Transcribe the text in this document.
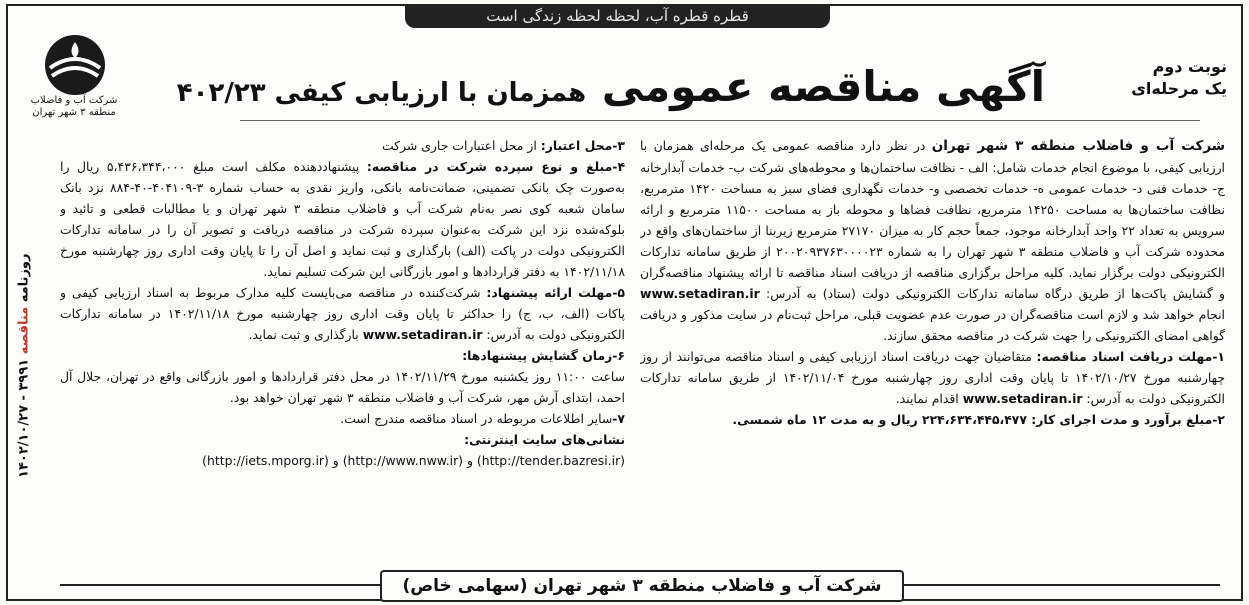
قطره قطره آب، لحظه لحظه زندگی است
شرکت آب و فاضلاب
منطقه ۳ شهر تهران
نوبت دوم
یک مرحله‌ای
آگهی مناقصه عمومی همزمان با ارزیابی کیفی ۴۰۲/۲۳
روزنامه مناقصه ۳۹۹۱ - ۱۴۰۲/۱۰/۲۷

شرکت آب و فاضلاب منطقه ۳ شهر تهران در نظر دارد مناقصه عمومی یک مرحله‌ای همزمان با ارزیابی کیفی، با موضوع انجام خدمات شامل: الف - نظافت ساختمان‌ها و محوطه‌های شرکت ب- خدمات آبدارخانه ج- خدمات فنی د- خدمات عمومی ه- خدمات تخصصی و- خدمات نگهداری فضای سبز به مساحت ۱۴۲۰ مترمربع، نظافت ساختمان‌ها به مساحت ۱۴۲۵۰ مترمربع، نظافت فضاها و محوطه باز به مساحت ۱۱۵۰۰ مترمربع و ارائه سرویس به تعداد ۲۲ واحد آبدارخانه موجود، جمعاً حجم کار به میزان ۲۷۱۷۰ مترمربع زیربنا از ساختمان‌های واقع در محدوده شرکت آب و فاضلاب منطقه ۳ شهر تهران را به شماره ۲۰۰۲۰۹۳۷۶۳۰۰۰۰۲۳ از طریق سامانه تدارکات الکترونیکی دولت برگزار نماید. کلیه مراحل برگزاری مناقصه از دریافت اسناد مناقصه تا ارائه پیشنهاد مناقصه‌گران و گشایش پاکت‌ها از طریق درگاه سامانه تدارکات الکترونیکی دولت (ستاد) به آدرس: www.setadiran.ir انجام خواهد شد و لازم است مناقصه‌گران در صورت عدم عضویت قبلی، مراحل ثبت‌نام در سایت مذکور و دریافت گواهی امضای الکترونیکی را جهت شرکت در مناقصه محقق سازند.

۱-مهلت دریافت اسناد مناقصه: متقاضیان جهت دریافت اسناد ارزیابی کیفی و اسناد مناقصه می‌توانند از روز چهارشنبه مورخ ۱۴۰۲/۱۰/۲۷ تا پایان وقت اداری روز چهارشنبه مورخ ۱۴۰۲/۱۱/۰۴ از طریق سامانه تدارکات الکترونیکی دولت به آدرس: www.setadiran.ir اقدام نمایند.

۲-مبلغ برآورد و مدت اجرای کار: ۲۲۴،۶۳۴،۴۴۵،۴۷۷ ریال و به مدت ۱۲ ماه شمسی.

۳-محل اعتبار: از محل اعتبارات جاری شرکت

۴-مبلغ و نوع سپرده شرکت در مناقصه: پیشنهاددهنده مکلف است مبلغ ۵،۴۳۶،۳۴۴،۰۰۰ ریال را به‌صورت چک بانکی تضمینی، ضمانت‌نامه بانکی، واریز نقدی به حساب شماره ۳-۴۰۴۱۰۹-۴۰-۸۸۴ نزد بانک سامان شعبه کوی نصر به‌نام شرکت آب و فاضلاب منطقه ۳ شهر تهران و یا مطالبات قطعی و تائید و بلوکه‌شده نزد این شرکت به‌عنوان سپرده شرکت در مناقصه دریافت و تصویر آن را در سامانه تدارکات الکترونیکی دولت در پاکت (الف) بارگذاری و ثبت نماید و اصل آن را تا پایان وقت اداری روز چهارشنبه مورخ ۱۴۰۲/۱۱/۱۸ به دفتر قراردادها و امور بازرگانی این شرکت تسلیم نماید.

۵-مهلت ارائه پیشنهاد: شرکت‌کننده در مناقصه می‌بایست کلیه مدارک مربوط به اسناد ارزیابی کیفی و پاکات (الف، ب، ج) را حداکثر تا پایان وقت اداری روز چهارشنبه مورخ ۱۴۰۲/۱۱/۱۸ در سامانه تدارکات الکترونیکی دولت به آدرس: www.setadiran.ir بارگذاری و ثبت نماید.

۶-زمان گشایش پیشنهادها:
ساعت ۱۱:۰۰ روز یکشنبه مورخ ۱۴۰۲/۱۱/۲۹ در محل دفتر قراردادها و امور بازرگانی واقع در تهران، جلال آل احمد، ابتدای آرش مهر، شرکت آب و فاضلاب منطقه ۳ شهر تهران خواهد بود.

۷-سایر اطلاعات مربوطه در اسناد مناقصه مندرج است.

نشانی‌های سایت اینترنتی:
(http://iets.mporg.ir) و (http://www.nww.ir) و (http://tender.bazresi.ir)

شرکت آب و فاضلاب منطقه ۳ شهر تهران (سهامی خاص)
